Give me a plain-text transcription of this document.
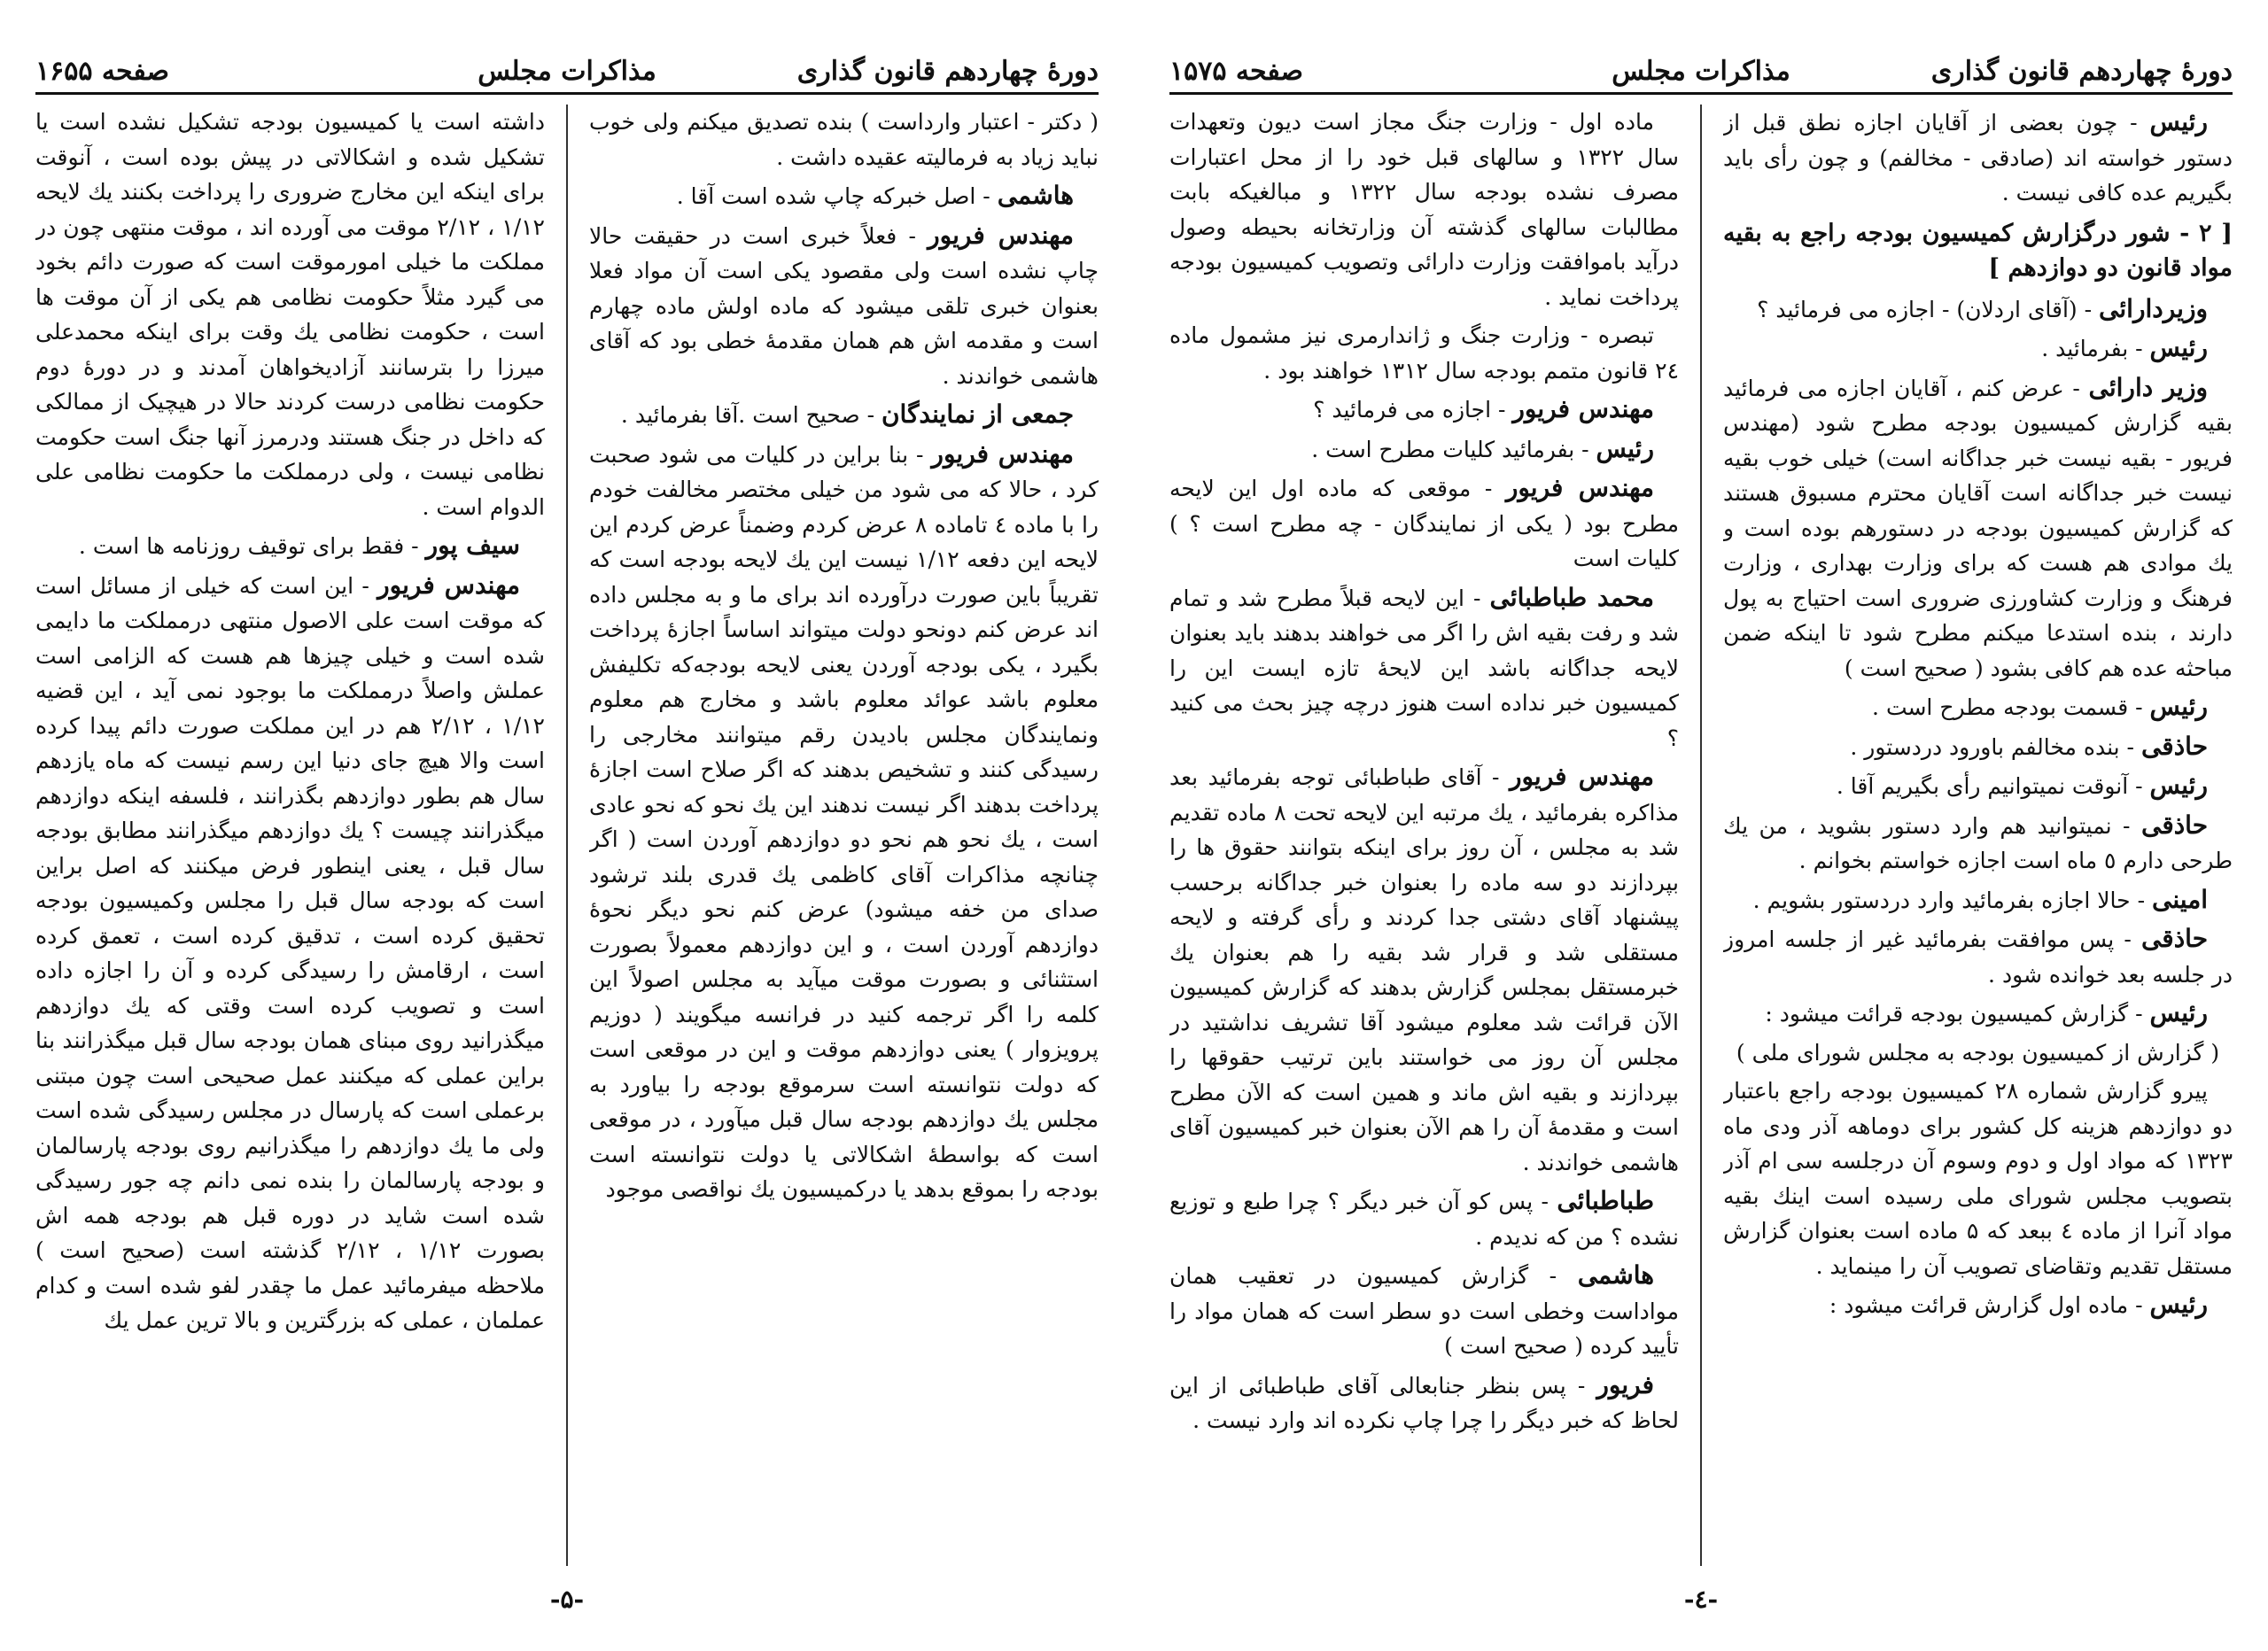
دورهٔ چهاردهم قانون گذاری
مذاکرات مجلس
صفحه ۱۶۵۵

( دکتر - اعتبار وارداست ) بنده تصدیق میکنم ولی خوب نباید زیاد به فرمالیته عقیده داشت .

هاشمی - اصل خبرکه چاپ شده است آقا .

مهندس فریور - فعلاً خبری است در حقیقت حالا چاپ نشده است ولی مقصود یکی است آن مواد فعلا بعنوان خبری تلقی میشود که ماده اولش ماده چهارم است و مقدمه اش هم همان مقدمهٔ خطی بود که آقای هاشمی خواندند .

جمعی از نمایندگان - صحیح است .آقا بفرمائید .

مهندس فریور - بنا براین در کلیات می شود صحبت کرد ، حالا که می شود من خیلی مختصر مخالفت خودم را با ماده ٤ تاماده ۸ عرض کردم وضمناً عرض کردم این لایحه این دفعه ۱/۱۲ نیست این یك لایحه بودجه است که تقریباً باین صورت درآورده اند برای ما و به مجلس داده اند عرض کنم دونحو دولت میتواند اساساً اجازهٔ پرداخت بگیرد ، یکی بودجه آوردن یعنی لایحه بودجه‌که تکلیفش معلوم باشد عوائد معلوم باشد و مخارج هم معلوم ونمایندگان مجلس بادیدن رقم میتوانند مخارجی را رسیدگی کنند و تشخیص بدهند که اگر صلاح است اجازهٔ پرداخت بدهند اگر نیست ندهند این یك نحو که نحو عادی است ، یك نحو هم نحو دو دوازدهم آوردن است ( اگر چنانچه مذاکرات آقای کاظمی یك قدری بلند ترشود صدای من خفه میشود) عرض کنم نحو دیگر نحوهٔ دوازدهم آوردن است ، و این دوازدهم معمولاً بصورت استثنائی و بصورت موقت میآید به مجلس اصولاً این کلمه را اگر ترجمه کنید در فرانسه میگویند ( دوزیم پرویزوار ) یعنی دوازدهم موقت و این در موقعی است که دولت نتوانسته است سرموقع بودجه را بیاورد به مجلس یك دوازدهم بودجه سال قبل میآورد ، در موقعی است که بواسطهٔ اشکالاتی یا دولت نتوانسته است بودجه را بموقع بدهد یا درکمیسیون یك نواقصی موجود

داشته است یا کمیسیون بودجه تشکیل نشده است یا تشکیل شده و اشکالاتی در پیش بوده است ، آنوقت برای اینکه این مخارج ضروری را پرداخت بکنند یك لایحه ۱/۱۲ ، ۲/۱۲ موقت می آورده اند ، موقت منتهی چون در مملکت ما خیلی امورموقت است که صورت دائم بخود می گیرد مثلاً حکومت نظامی هم یکی از آن موقت ها است ، حکومت نظامی یك وقت برای اینکه محمدعلی میرزا را بترسانند آزادیخواهان آمدند و در دورهٔ دوم حکومت نظامی درست کردند حالا در هیچیک از ممالکی که داخل در جنگ هستند ودرمرز آنها جنگ است حکومت نظامی نیست ، ولی درمملکت ما حکومت نظامی علی الدوام است .

سیف پور - فقط برای توقیف روزنامه ها است .

مهندس فریور - این است که خیلی از مسائل است که موقت است علی الاصول منتهی درمملکت ما دایمی شده است و خیلی چیزها هم هست که الزامی است عملش واصلاً درمملکت ما بوجود نمی آید ، این قضیه ۱/۱۲ ، ۲/۱۲ هم در این مملکت صورت دائم پیدا کرده است والا هیچ جای دنیا این رسم نیست که ماه یازدهم سال هم بطور دوازدهم بگذرانند ، فلسفه اینکه دوازدهم میگذرانند چیست ؟ یك دوازدهم میگذرانند مطابق بودجه سال قبل ، یعنی اینطور فرض میکنند که اصل براین است که بودجه سال قبل را مجلس وکمیسیون بودجه تحقیق کرده است ، تدقیق کرده است ، تعمق کرده است ، ارقامش را رسیدگی کرده و آن را اجازه داده است و تصویب کرده است وقتی که یك دوازدهم میگذرانید روی مبنای همان بودجه سال قبل میگذرانند بنا براین عملی که میکنند عمل صحیحی است چون مبتنی برعملی است که پارسال در مجلس رسیدگی شده است ولی ما یك دوازدهم را میگذرانیم روی بودجه پارسالمان و بودجه پارسالمان را بنده نمی دانم چه جور رسیدگی شده است شاید در دوره قبل هم بودجه همه اش بصورت ۱/۱۲ ، ۲/۱۲ گذشته است (صحیح است ) ملاحظه میفرمائید عمل ما چقدر لفو شده است و کدام عملمان ، عملی که بزرگترین و بالا ترین عمل یك

-۵-
دورهٔ چهاردهم قانون گذاری
مذاکرات مجلس
صفحه ۱۵۷۵

رئیس - چون بعضی از آقایان اجازه نطق قبل از دستور خواسته اند (صادقی - مخالفم) و چون رأی باید بگیریم عده کافی نیست .

[ ۲ - شور درگزارش کمیسیون بودجه راجع به بقیه مواد قانون دو دوازدهم ]

وزیردارائی - (آقای اردلان) - اجازه می فرمائید ؟

رئیس - بفرمائید .

وزیر دارائی - عرض کنم ، آقایان اجازه می فرمائید بقیه گزارش کمیسیون بودجه مطرح شود (مهندس فریور - بقیه نیست خبر جداگانه است) خیلی خوب بقیه نیست خبر جداگانه است آقایان محترم مسبوق هستند که گزارش کمیسیون بودجه در دستورهم بوده است و یك موادی هم هست که برای وزارت بهداری ، وزارت فرهنگ و وزارت کشاورزی ضروری است احتیاج به پول دارند ، بنده استدعا میکنم مطرح شود تا اینکه ضمن مباحثه عده هم کافی بشود ( صحیح است )

رئیس - قسمت بودجه مطرح است .

حاذقی - بنده مخالفم باورود دردستور .

رئیس - آنوقت نمیتوانیم رأی بگیریم آقا .

حاذقی - نمیتوانید هم وارد دستور بشوید ، من یك طرحی دارم ٥ ماه است اجازه خواستم بخوانم .

امینی - حالا اجازه بفرمائید وارد دردستور بشویم .

حاذقی - پس موافقت بفرمائید غیر از جلسه امروز در جلسه بعد خوانده شود .

رئیس - گزارش کمیسیون بودجه قرائت میشود :

( گزارش از کمیسیون بودجه به مجلس شورای ملی )

پیرو گزارش شماره ۲۸ کمیسیون بودجه راجع باعتبار دو دوازدهم هزینه کل کشور برای دوماهه آذر ودی ماه ۱۳۲۳ که مواد اول و دوم وسوم آن درجلسه سی ام آذر بتصویب مجلس شورای ملی رسیده است اینك بقیه مواد آنرا از ماده ٤ ببعد که ۵ ماده است بعنوان گزارش مستقل تقدیم وتقاضای تصویب آن را مینماید .

رئیس - ماده اول گزارش قرائت میشود :

ماده اول - وزارت جنگ مجاز است دیون وتعهدات سال ۱۳۲۲ و سالهای قبل خود را از محل اعتبارات مصرف نشده بودجه سال ۱۳۲۲ و مبالغیکه بابت مطالبات سالهای گذشته آن وزارتخانه بحیطه وصول درآید باموافقت وزارت دارائی وتصویب کمیسیون بودجه پرداخت نماید .

تبصره - وزارت جنگ و ژاندارمری نیز مشمول ماده ۲٤ قانون متمم بودجه سال ۱۳۱۲ خواهند بود .

مهندس فریور - اجازه می فرمائید ؟

رئیس - بفرمائید کلیات مطرح است .

مهندس فریور - موقعی که ماده اول این لایحه مطرح بود ( یکی از نمایندگان - چه مطرح است ؟ ) کلیات است

محمد طباطبائی - این لایحه قبلاً مطرح شد و تمام شد و رفت بقیه اش را اگر می خواهند بدهند باید بعنوان لایحه جداگانه باشد این لایحهٔ تازه ایست این را کمیسیون خبر نداده است هنوز درچه چیز بحث می کنید ؟

مهندس فریور - آقای طباطبائی توجه بفرمائید بعد مذاکره بفرمائید ، یك مرتبه این لایحه تحت ۸ ماده تقدیم شد به مجلس ، آن روز برای اینکه بتوانند حقوق ها را بپردازند دو سه ماده را بعنوان خبر جداگانه برحسب پیشنهاد آقای دشتی جدا کردند و رأی گرفته و لایحه مستقلی شد و قرار شد بقیه را هم بعنوان یك خبرمستقل بمجلس گزارش بدهند که گزارش کمیسیون الآن قرائت شد معلوم میشود آقا تشریف نداشتید در مجلس آن روز می خواستند باین ترتیب حقوقها را بپردازند و بقیه اش ماند و همین است که الآن مطرح است و مقدمهٔ آن را هم الآن بعنوان خبر کمیسیون آقای هاشمی خواندند .

طباطبائی - پس کو آن خبر دیگر ؟ چرا طبع و توزیع نشده ؟ من که ندیدم .

هاشمی - گزارش کمیسیون در تعقیب همان مواداست وخطی است دو سطر است که همان مواد را تأیید کرده ( صحیح است )

فریور - پس بنظر جنابعالی آقای طباطبائی از این لحاظ که خبر دیگر را چرا چاپ نکرده اند وارد نیست .

-٤-
